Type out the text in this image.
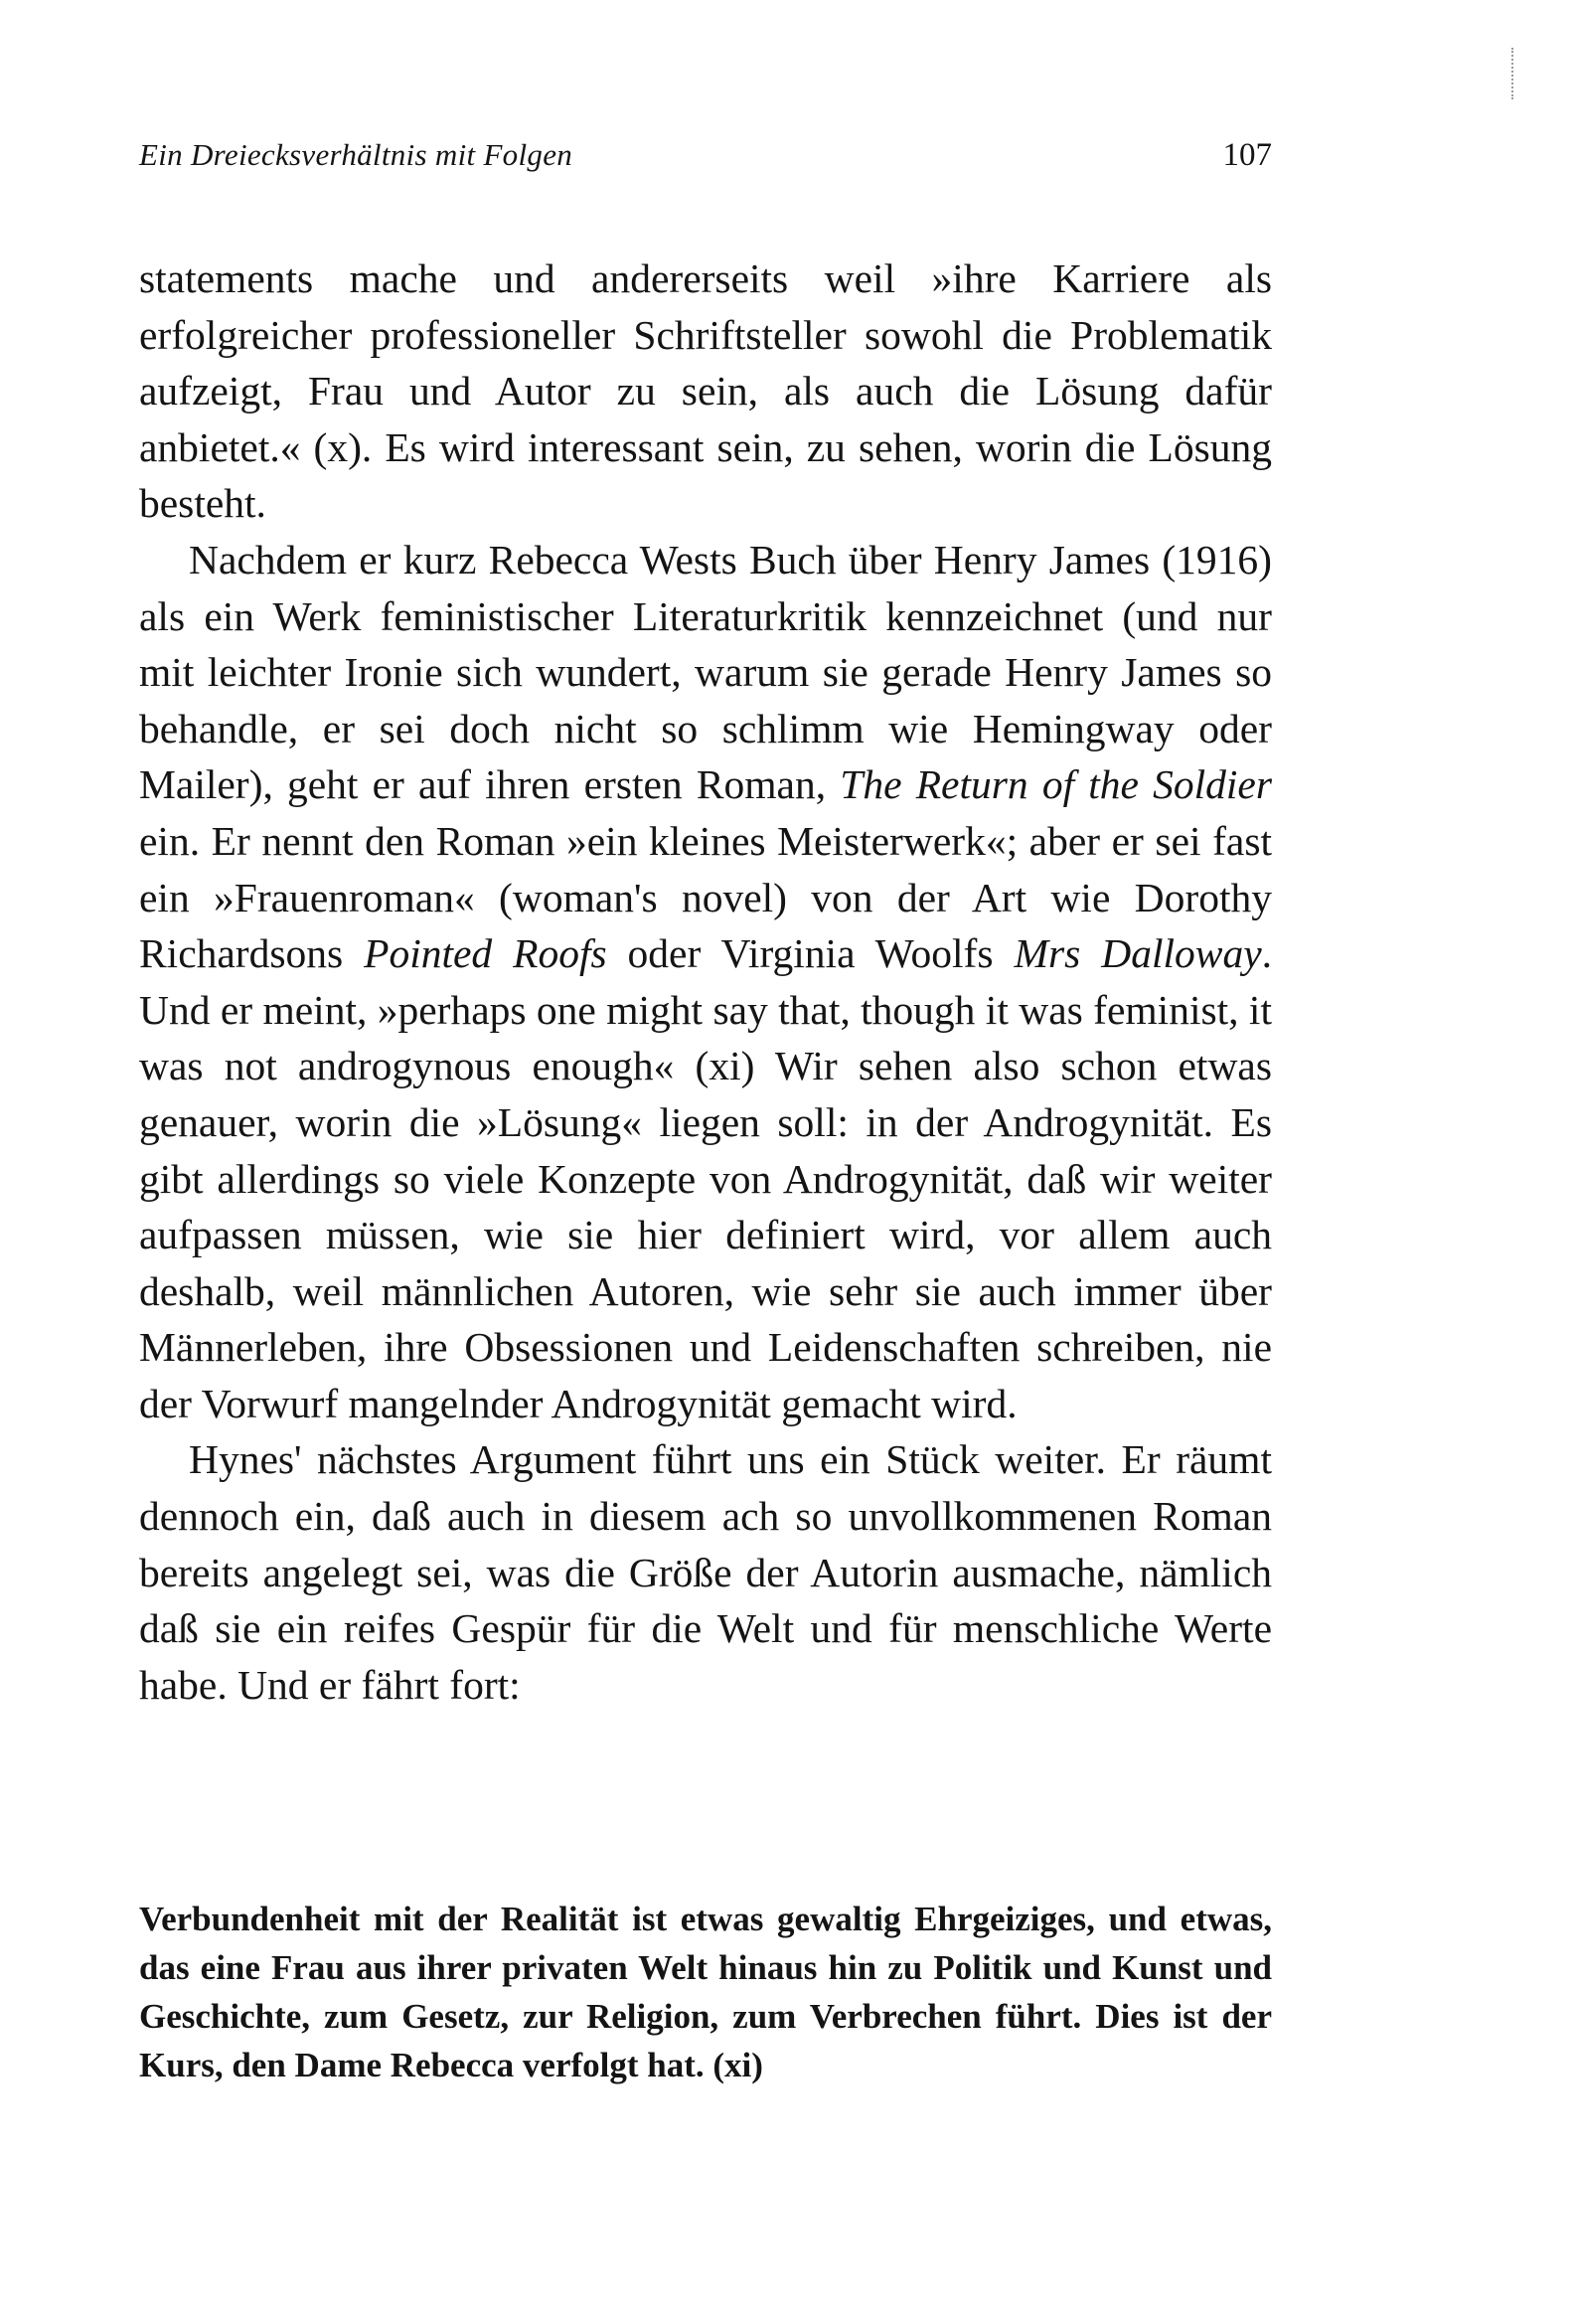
Ein Dreiecksverhältnis mit Folgen	107

statements mache und andererseits weil »ihre Karriere als erfolgreicher professioneller Schriftsteller sowohl die Problematik aufzeigt, Frau und Autor zu sein, als auch die Lösung dafür anbietet.« (x). Es wird interessant sein, zu sehen, worin die Lösung besteht.

Nachdem er kurz Rebecca Wests Buch über Henry James (1916) als ein Werk feministischer Literaturkritik kennzeichnet (und nur mit leichter Ironie sich wundert, warum sie gerade Henry James so behandle, er sei doch nicht so schlimm wie Hemingway oder Mailer), geht er auf ihren ersten Roman, The Return of the Soldier ein. Er nennt den Roman »ein kleines Meisterwerk«; aber er sei fast ein »Frauenroman« (woman's novel) von der Art wie Dorothy Richardsons Pointed Roofs oder Virginia Woolfs Mrs Dalloway. Und er meint, »perhaps one might say that, though it was feminist, it was not androgynous enough« (xi) Wir sehen also schon etwas genauer, worin die »Lösung« liegen soll: in der Androgynität. Es gibt allerdings so viele Konzepte von Androgynität, daß wir weiter aufpassen müssen, wie sie hier definiert wird, vor allem auch deshalb, weil männlichen Autoren, wie sehr sie auch immer über Männerleben, ihre Obsessionen und Leidenschaften schreiben, nie der Vorwurf mangelnder Androgynität gemacht wird.

Hynes' nächstes Argument führt uns ein Stück weiter. Er räumt dennoch ein, daß auch in diesem ach so unvollkommenen Roman bereits angelegt sei, was die Größe der Autorin ausmache, nämlich daß sie ein reifes Gespür für die Welt und für menschliche Werte habe. Und er fährt fort:

Verbundenheit mit der Realität ist etwas gewaltig Ehrgeiziges, und etwas, das eine Frau aus ihrer privaten Welt hinaus hin zu Politik und Kunst und Geschichte, zum Gesetz, zur Religion, zum Verbrechen führt. Dies ist der Kurs, den Dame Rebecca verfolgt hat. (xi)
